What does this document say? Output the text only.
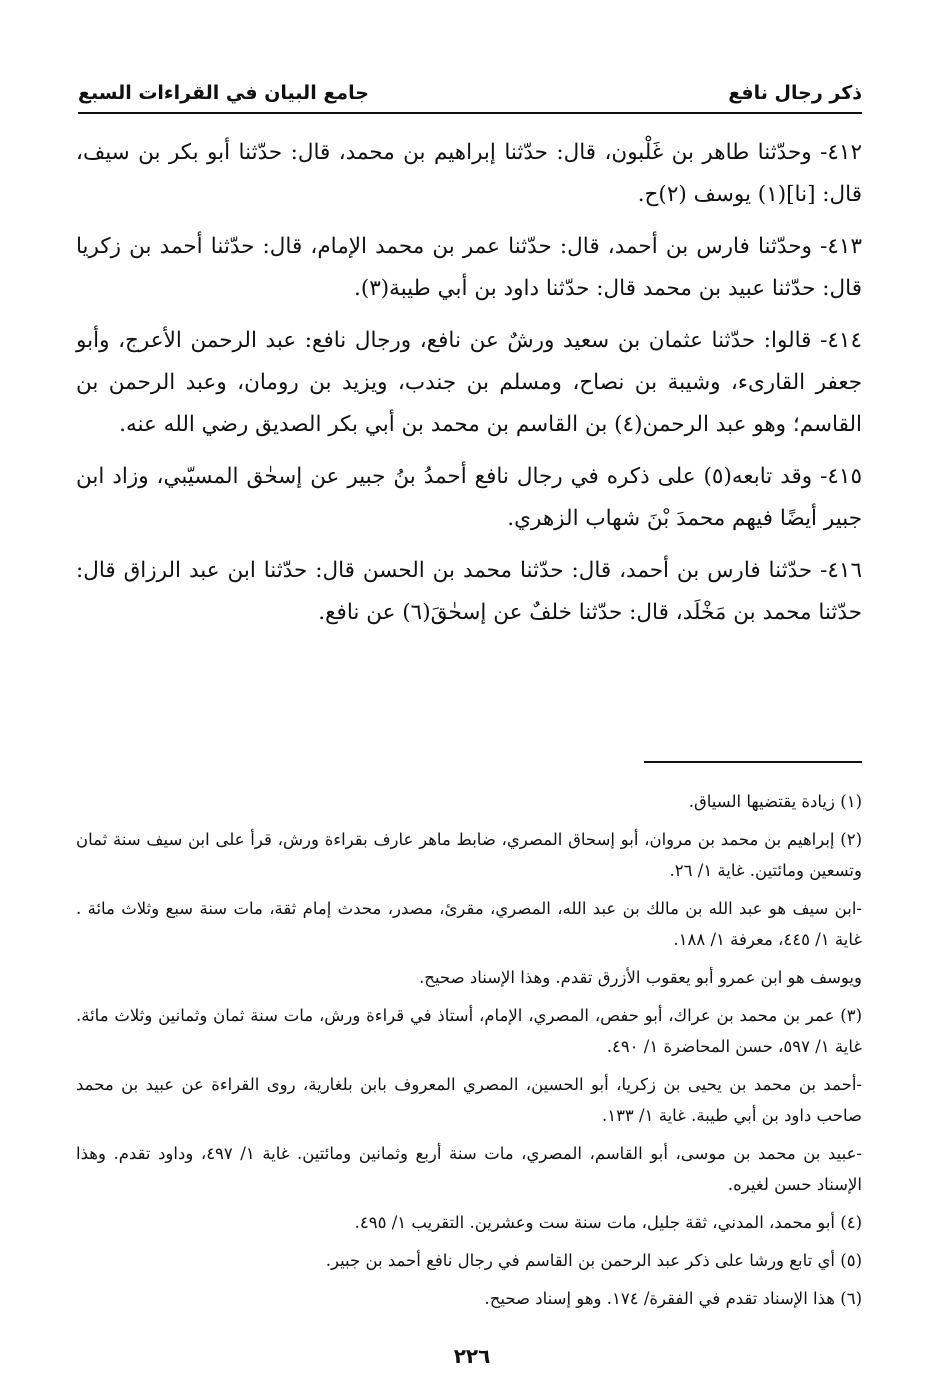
ذكر رجال نافع
جامع البيان في القراءات السبع

٤١٢- وحدّثنا طاهر بن غَلْبون، قال: حدّثنا إبراهيم بن محمد، قال: حدّثنا أبو بكر بن سيف، قال: [نا](١) يوسف (٢)ح.

٤١٣- وحدّثنا فارس بن أحمد، قال: حدّثنا عمر بن محمد الإمام، قال: حدّثنا أحمد بن زكريا قال: حدّثنا عبيد بن محمد قال: حدّثنا داود بن أبي طيبة(٣).

٤١٤- قالوا: حدّثنا عثمان بن سعيد ورشٌ عن نافع، ورجال نافع: عبد الرحمن الأعرج، وأبو جعفر القارىء، وشيبة بن نصاح، ومسلم بن جندب، ويزيد بن رومان، وعبد الرحمن بن القاسم؛ وهو عبد الرحمن(٤) بن القاسم بن محمد بن أبي بكر الصديق رضي الله عنه.

٤١٥- وقد تابعه(٥) على ذكره في رجال نافع أحمدُ بنُ جبير عن إسحٰق المسيّبي، وزاد ابن جبير أيضًا فيهم محمدَ بْنَ شهاب الزهري.

٤١٦- حدّثنا فارس بن أحمد، قال: حدّثنا محمد بن الحسن قال: حدّثنا ابن عبد الرزاق قال: حدّثنا محمد بن مَخْلَد، قال: حدّثنا خلفٌ عن إسحٰقَ(٦) عن نافع.

(١) زيادة يقتضيها السياق.

(٢) إبراهيم بن محمد بن مروان، أبو إسحاق المصري، ضابط ماهر عارف بقراءة ورش، قرأ على ابن سيف سنة ثمان وتسعين ومائتين. غاية ١/ ٢٦.

-ابن سيف هو عبد الله بن مالك بن عبد الله، المصري، مقرئ، مصدر، محدث إمام ثقة، مات سنة سبع وثلاث مائة . غاية ١/ ٤٤٥، معرفة ١/ ١٨٨.

ويوسف هو ابن عمرو أبو يعقوب الأزرق تقدم. وهذا الإسناد صحيح.

(٣) عمر بن محمد بن عراك، أبو حفص، المصري، الإمام، أستاذ في قراءة ورش، مات سنة ثمان وثمانين وثلاث مائة. غاية ١/ ٥٩٧، حسن المحاضرة ١/ ٤٩٠.

-أحمد بن محمد بن يحيى بن زكريا، أبو الحسين، المصري المعروف بابن بلغارية، روى القراءة عن عبيد بن محمد صاحب داود بن أبي طيبة. غاية ١/ ١٣٣.

-عبيد بن محمد بن موسى، أبو القاسم، المصري، مات سنة أربع وثمانين ومائتين. غاية ١/ ٤٩٧، وداود تقدم. وهذا الإسناد حسن لغيره.

(٤) أبو محمد، المدني، ثقة جليل، مات سنة ست وعشرين. التقريب ١/ ٤٩٥.

(٥) أي تابع ورشا على ذكر عبد الرحمن بن القاسم في رجال نافع أحمد بن جبير.

(٦) هذا الإسناد تقدم في الفقرة/ ١٧٤. وهو إسناد صحيح.

٢٢٦
